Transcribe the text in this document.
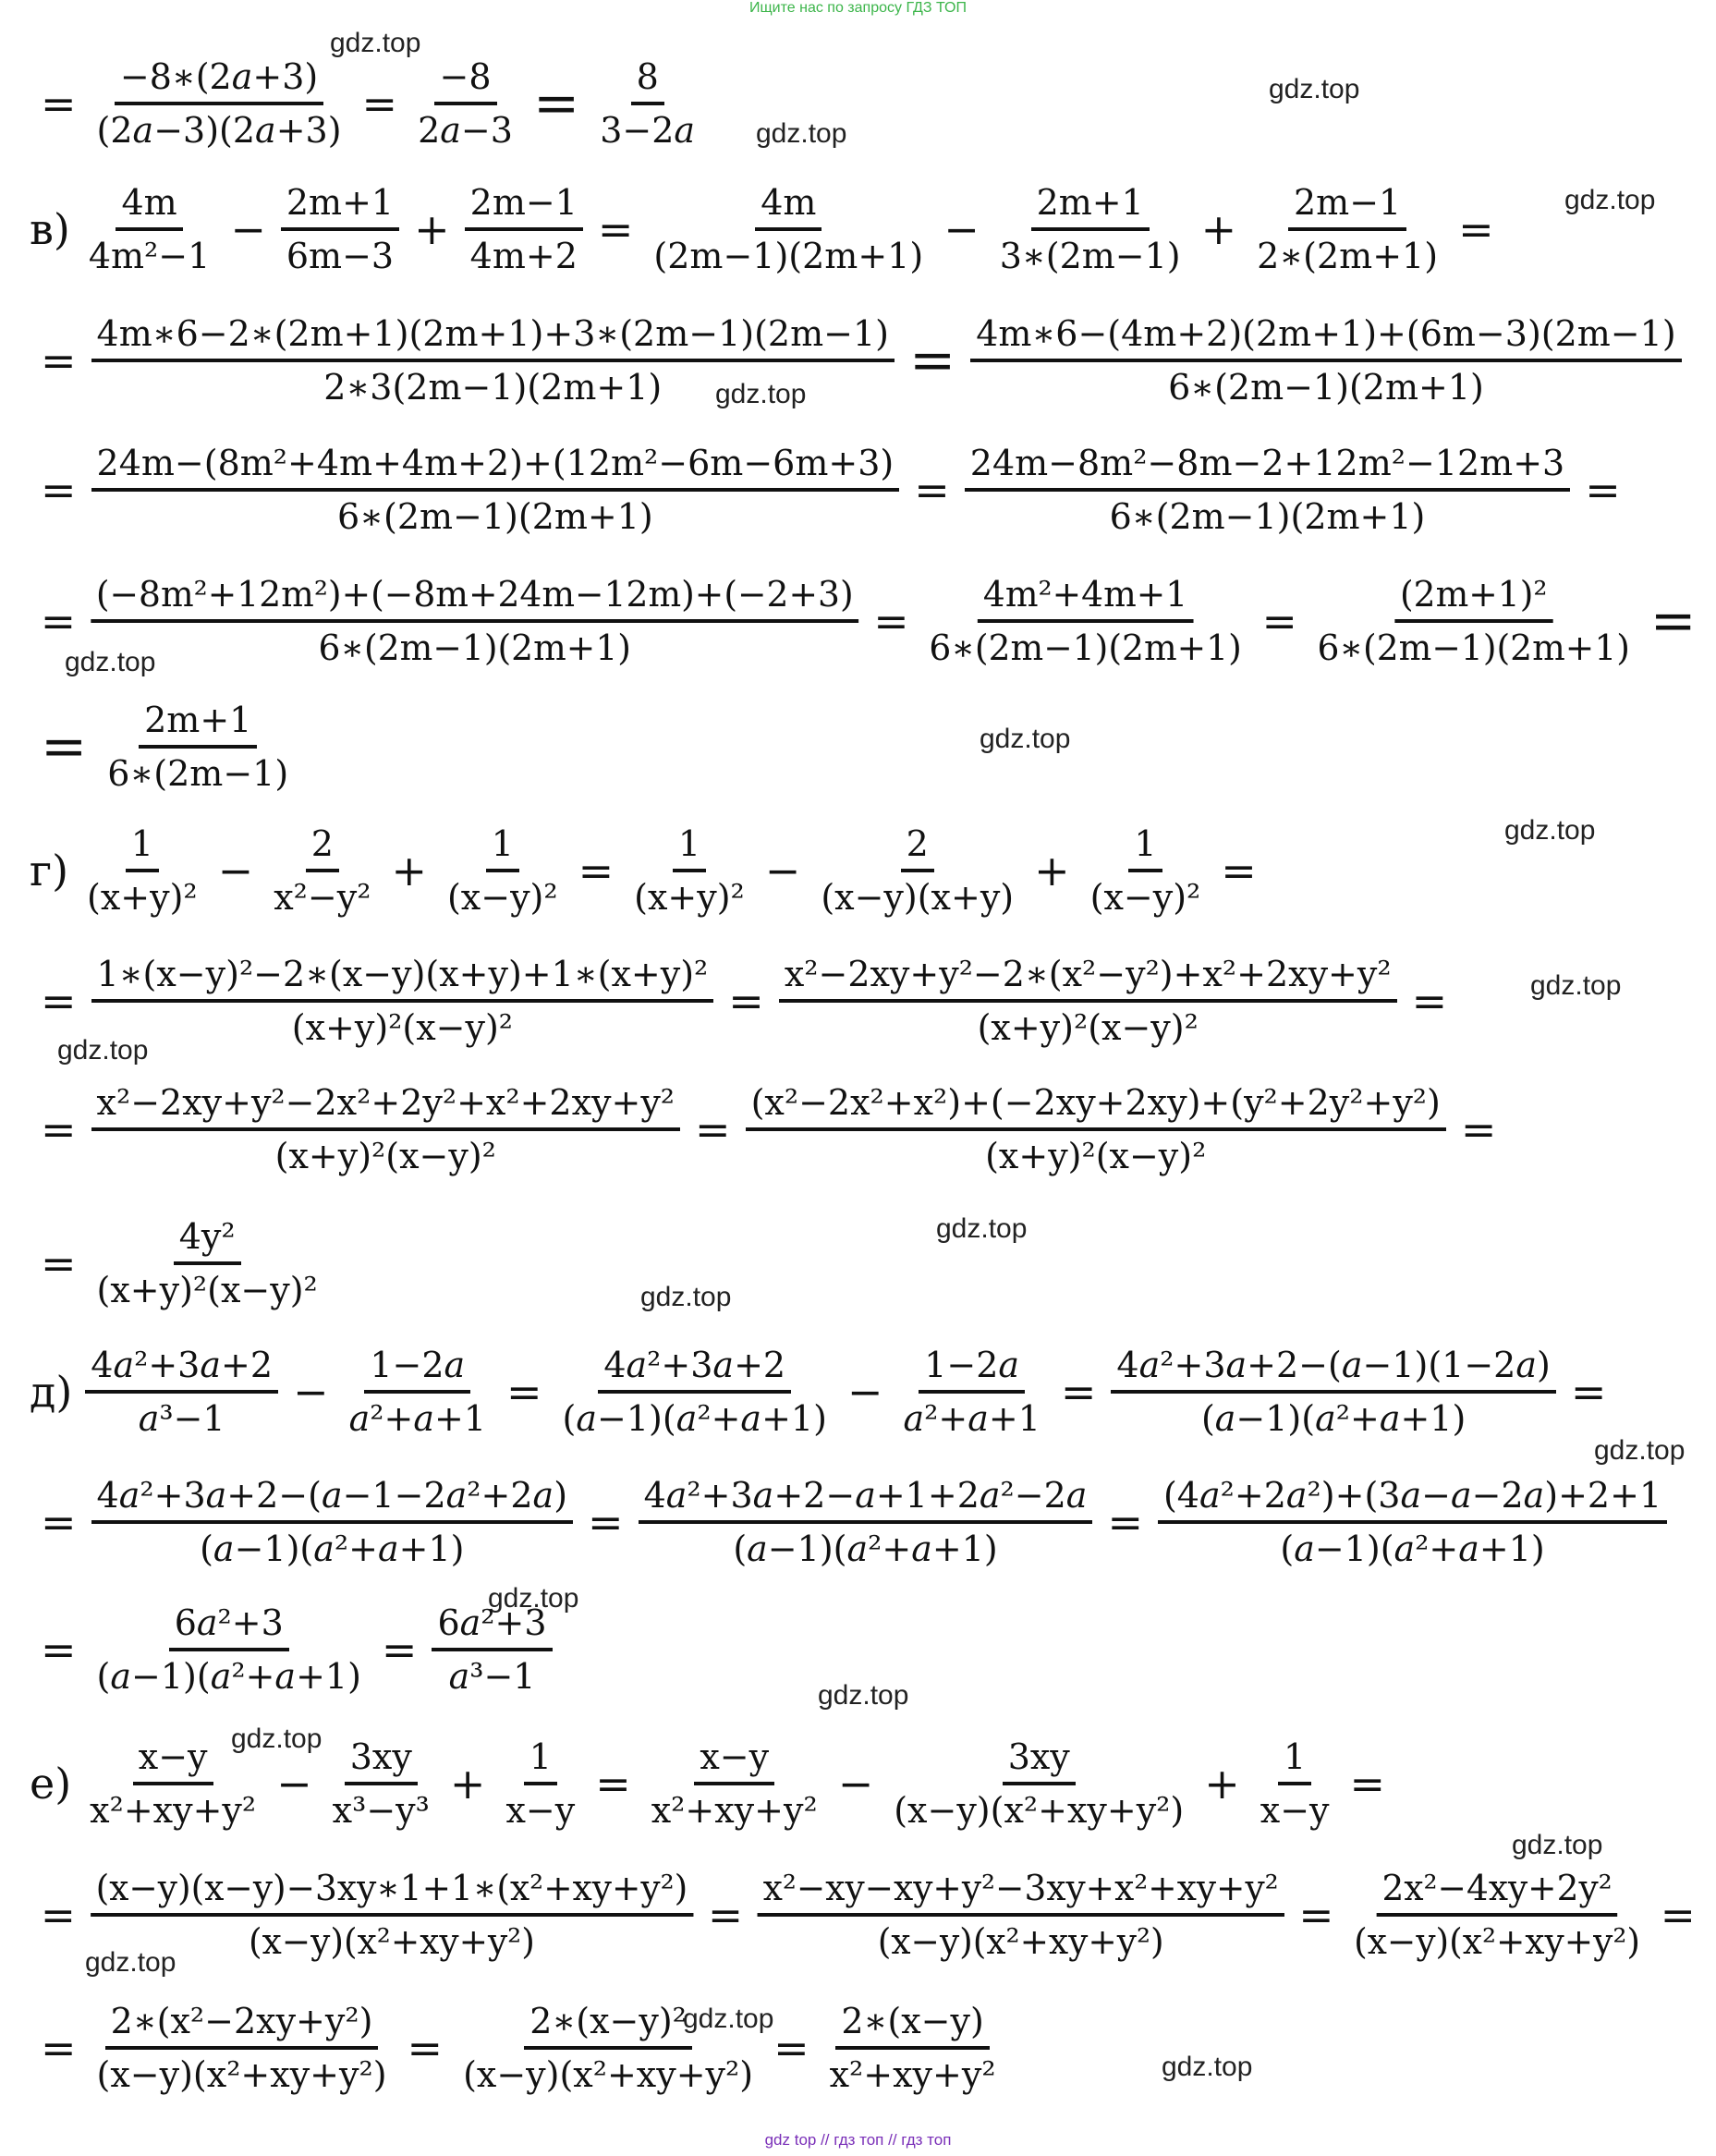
Ищите нас по запросу ГДЗ ТОП
gdz.top
gdz.top
gdz.top
gdz.top
gdz.top
gdz.top
gdz.top
gdz.top
gdz.top
gdz.top
gdz.top
gdz.top
gdz.top
gdz.top
gdz.top
gdz.top
gdz.top
gdz.top
gdz.top
gdz.top
= $\frac{\text{−8∗(2𝑎+3)}}{\text{(2𝑎−3)(2𝑎+3)}} = \frac{-8}{\text{2𝑎−3}} = \frac{8}{\text{3−2𝑎}}$
$в) \frac{4m}{\text{4m²−1}} - \frac{2m+1}{6m-3} + \frac{2m-1}{4m+2} = \frac{4m}{(2m-1)(2m+1)} - \frac{2m+1}{3∗(2m-1)} + \frac{2m-1}{2∗(2m+1)}$ =
= $\frac{4m∗6-2∗(2m+1)(2m+1)+3∗(2m-1)(2m-1)}{2∗3(2m-1)(2m+1)} = \frac{4m∗6-(4m+2)(2m+1)+(6m-3)(2m-1)}{6∗(2m-1)(2m+1)}$
= $\frac{\text{24m−(8m²+4m+4m+2)+(12m²−6m−6m+3)}}{6∗(2m-1)(2m+1)} = \frac{\text{24m−8m²−8m−2+12m²−12m+3}}{6∗(2m-1)(2m+1)}$ =
= $\frac{\text{(−8m²+12m²)+(−8m+24m−12m)+(−2+3)}}{6∗(2m-1)(2m+1)} = \frac{\text{4m²+4m+1}}{6∗(2m-1)(2m+1)} = \frac{\text{(2m+1)²}}{6∗(2m-1)(2m+1)}$ =
= $\frac{2m+1}{6∗(2m-1)}$
$г) \frac{1}{\text{(x+y)²}} - \frac{2}{\text{x²−y²}} + \frac{1}{\text{(x−y)²}} = \frac{1}{\text{(x+y)²}} - \frac{2}{(x-y)(x+y)} + \frac{1}{\text{(x−y)²}}$ =
= $\frac{\text{1∗(x−y)²−2∗(x−y)(x+y)+1∗(x+y)²}}{\text{(x+y)²(x−y)²}} = \frac{\text{x²−2xy+y²−2∗(x²−y²)+x²+2xy+y²}}{\text{(x+y)²(x−y)²}}$ =
= $\frac{\text{x²−2xy+y²−2x²+2y²+x²+2xy+y²}}{\text{(x+y)²(x−y)²}} = \frac{\text{(x²−2x²+x²)+(−2xy+2xy)+(y²+2y²+y²)}}{\text{(x+y)²(x−y)²}}$ =
= $\frac{\text{4y²}}{\text{(x+y)²(x−y)²}}$
$д) \frac{\text{4𝑎²+3𝑎+2}}{\text{𝑎³−1}} - \frac{\text{1−2𝑎}}{\text{𝑎²+𝑎+1}} = \frac{\text{4𝑎²+3𝑎+2}}{\text{(𝑎−1)(𝑎²+𝑎+1)}} - \frac{\text{1−2𝑎}}{\text{𝑎²+𝑎+1}} = \frac{\text{4𝑎²+3𝑎+2−(𝑎−1)(1−2𝑎)}}{\text{(𝑎−1)(𝑎²+𝑎+1)}}$ =
= $\frac{\text{4𝑎²+3𝑎+2−(𝑎−1−2𝑎²+2𝑎)}}{\text{(𝑎−1)(𝑎²+𝑎+1)}} = \frac{\text{4𝑎²+3𝑎+2−𝑎+1+2𝑎²−2𝑎}}{\text{(𝑎−1)(𝑎²+𝑎+1)}} = \frac{\text{(4𝑎²+2𝑎²)+(3𝑎−𝑎−2𝑎)+2+1}}{\text{(𝑎−1)(𝑎²+𝑎+1)}}$
= $\frac{\text{6𝑎²+3}}{\text{(𝑎−1)(𝑎²+𝑎+1)}} = \frac{\text{6𝑎²+3}}{\text{𝑎³−1}}$
$е) \frac{x-y}{\text{x²+xy+y²}} - \frac{3xy}{\text{x³−y³}} + \frac{1}{x-y} = \frac{x-y}{\text{x²+xy+y²}} - \frac{3xy}{\text{(x−y)(x²+xy+y²)}} + \frac{1}{x-y}$ =
= $\frac{\text{(x−y)(x−y)−3xy∗1+1∗(x²+xy+y²)}}{\text{(x−y)(x²+xy+y²)}} = \frac{\text{x²−xy−xy+y²−3xy+x²+xy+y²}}{\text{(x−y)(x²+xy+y²)}} = \frac{\text{2x²−4xy+2y²}}{\text{(x−y)(x²+xy+y²)}}$ =
= $\frac{\text{2∗(x²−2xy+y²)}}{\text{(x−y)(x²+xy+y²)}} = \frac{\text{2∗(x−y)²}}{\text{(x−y)(x²+xy+y²)}} = \frac{2∗(x-y)}{\text{x²+xy+y²}}$
gdz top // гдз топ // гдз топ
